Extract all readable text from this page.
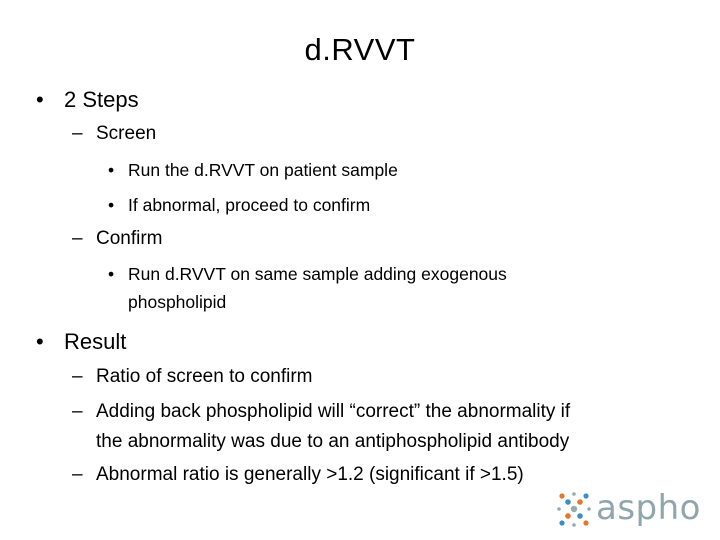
d.RVVT
• 2 Steps
– Screen
• Run the d.RVVT on patient sample
• If abnormal, proceed to confirm
– Confirm
• Run d.RVVT on same sample adding exogenous
phospholipid
• Result
– Ratio of screen to confirm
– Adding back phospholipid will “correct” the abnormality if
the abnormality was due to an antiphospholipid antibody
– Abnormal ratio is generally >1.2 (significant if >1.5)
aspho
